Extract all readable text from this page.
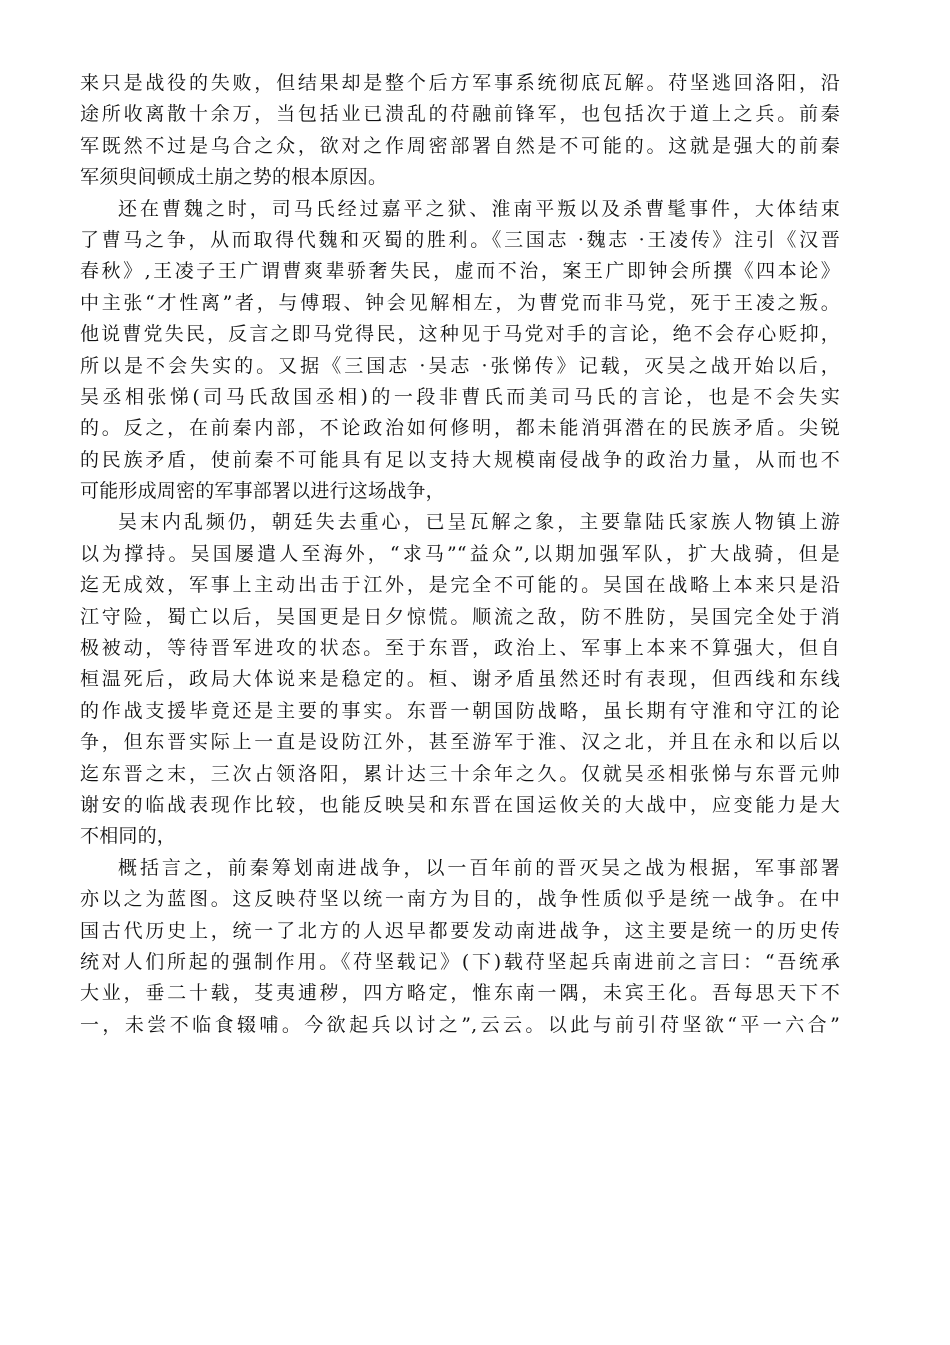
来只是战役的失败，但结果却是整个后方军事系统彻底瓦解。苻坚逃回洛阳，沿
途所收离散十余万，当包括业已溃乱的苻融前锋军，也包括次于道上之兵。前秦
军既然不过是乌合之众，欲对之作周密部署自然是不可能的。这就是强大的前秦
军须臾间顿成土崩之势的根本原因。
还在曹魏之时，司马氏经过嘉平之狱、淮南平叛以及杀曹髦事件，大体结束
了曹马之争，从而取得代魏和灭蜀的胜利。《三国志 ·魏志 ·王凌传》注引《汉晋
春秋》,王凌子王广谓曹爽辈骄奢失民，虚而不治，案王广即钟会所撰《四本论》
中主张“才性离”者，与傅瑕、钟会见解相左，为曹党而非马党，死于王凌之叛。
他说曹党失民，反言之即马党得民，这种见于马党对手的言论，绝不会存心贬抑，
所以是不会失实的。又据《三国志 ·吴志 ·张悌传》记载，灭吴之战开始以后，
吴丞相张悌(司马氏敌国丞相)的一段非曹氏而美司马氏的言论，也是不会失实
的。反之，在前秦内部，不论政治如何修明，都未能消弭潜在的民族矛盾。尖锐
的民族矛盾，使前秦不可能具有足以支持大规模南侵战争的政治力量，从而也不
可能形成周密的军事部署以进行这场战争，
吴末内乱频仍，朝廷失去重心，已呈瓦解之象，主要靠陆氏家族人物镇上游
以为撑持。吴国屡遣人至海外，“求马”“益众”,以期加强军队，扩大战骑，但是
迄无成效，军事上主动出击于江外，是完全不可能的。吴国在战略上本来只是沿
江守险，蜀亡以后，吴国更是日夕惊慌。顺流之敌，防不胜防，吴国完全处于消
极被动，等待晋军进攻的状态。至于东晋，政治上、军事上本来不算强大，但自
桓温死后，政局大体说来是稳定的。桓、谢矛盾虽然还时有表现，但西线和东线
的作战支援毕竟还是主要的事实。东晋一朝国防战略，虽长期有守淮和守江的论
争，但东晋实际上一直是设防江外，甚至游军于淮、汉之北，并且在永和以后以
迄东晋之末，三次占领洛阳，累计达三十余年之久。仅就吴丞相张悌与东晋元帅
谢安的临战表现作比较，也能反映吴和东晋在国运攸关的大战中，应变能力是大
不相同的，
概括言之，前秦筹划南进战争，以一百年前的晋灭吴之战为根据，军事部署
亦以之为蓝图。这反映苻坚以统一南方为目的，战争性质似乎是统一战争。在中
国古代历史上，统一了北方的人迟早都要发动南进战争，这主要是统一的历史传
统对人们所起的强制作用。《苻坚载记》(下)载苻坚起兵南进前之言曰：“吾统承
大业，垂二十载，芟夷逋秽，四方略定，惟东南一隅，未宾王化。吾每思天下不
一，未尝不临食辍哺。今欲起兵以讨之”,云云。以此与前引苻坚欲“平一六合”
